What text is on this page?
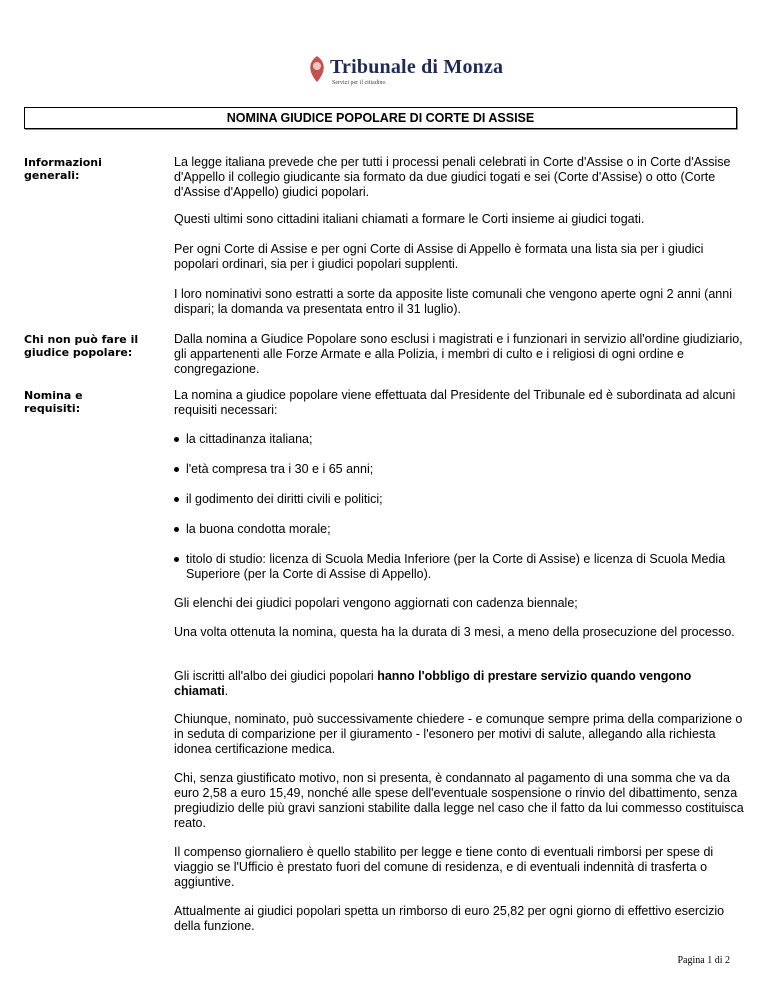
Tribunale di Monza
Servizi per il cittadino
NOMINA GIUDICE POPOLARE DI CORTE DI ASSISE
Informazioni generali:
La legge italiana prevede che per tutti i processi penali celebrati in Corte d'Assise o in Corte d'Assise d'Appello il collegio giudicante sia formato da due giudici togati e sei (Corte d'Assise) o otto (Corte d'Assise d'Appello) giudici popolari.
Questi ultimi sono cittadini italiani chiamati a formare le Corti insieme ai giudici togati.
Per ogni Corte di Assise e per ogni Corte di Assise di Appello è formata una lista sia per i giudici popolari ordinari, sia per i giudici popolari supplenti.
I loro nominativi sono estratti a sorte da apposite liste comunali che vengono aperte ogni 2 anni (anni dispari; la domanda va presentata entro il 31 luglio).
Chi non può fare il giudice popolare:
Dalla nomina a Giudice Popolare sono esclusi i magistrati e i funzionari in servizio all'ordine giudiziario, gli appartenenti alle Forze Armate e alla Polizia, i membri di culto e i religiosi di ogni ordine e congregazione.
Nomina e requisiti:
La nomina a giudice popolare viene effettuata dal Presidente del Tribunale ed è subordinata ad alcuni requisiti necessari:
la cittadinanza italiana;
l'età compresa tra i 30 e i 65 anni;
il godimento dei diritti civili e politici;
la buona condotta morale;
titolo di studio: licenza di Scuola Media Inferiore (per la Corte di Assise) e licenza di Scuola Media Superiore (per la Corte di Assise di Appello).
Gli elenchi dei giudici popolari vengono aggiornati con cadenza biennale;
Una volta ottenuta la nomina, questa ha la durata di 3 mesi, a meno della prosecuzione del processo.
Gli iscritti all'albo dei giudici popolari hanno l'obbligo di prestare servizio quando vengono chiamati.
Chiunque, nominato, può successivamente chiedere - e comunque sempre prima della comparizione o in seduta di comparizione per il giuramento - l'esonero per motivi di salute, allegando alla richiesta idonea certificazione medica.
Chi, senza giustificato motivo, non si presenta, è condannato al pagamento di una somma che va da euro 2,58 a euro 15,49, nonché alle spese dell'eventuale sospensione o rinvio del dibattimento, senza pregiudizio delle più gravi sanzioni stabilite dalla legge nel caso che il fatto da lui commesso costituisca reato.
Il compenso giornaliero è quello stabilito per legge e tiene conto di eventuali rimborsi per spese di viaggio se l'Ufficio è prestato fuori del comune di residenza, e di eventuali indennità di trasferta o aggiuntive.
Attualmente ai giudici popolari spetta un rimborso di euro 25,82 per ogni giorno di effettivo esercizio della funzione.
Pagina 1 di 2
